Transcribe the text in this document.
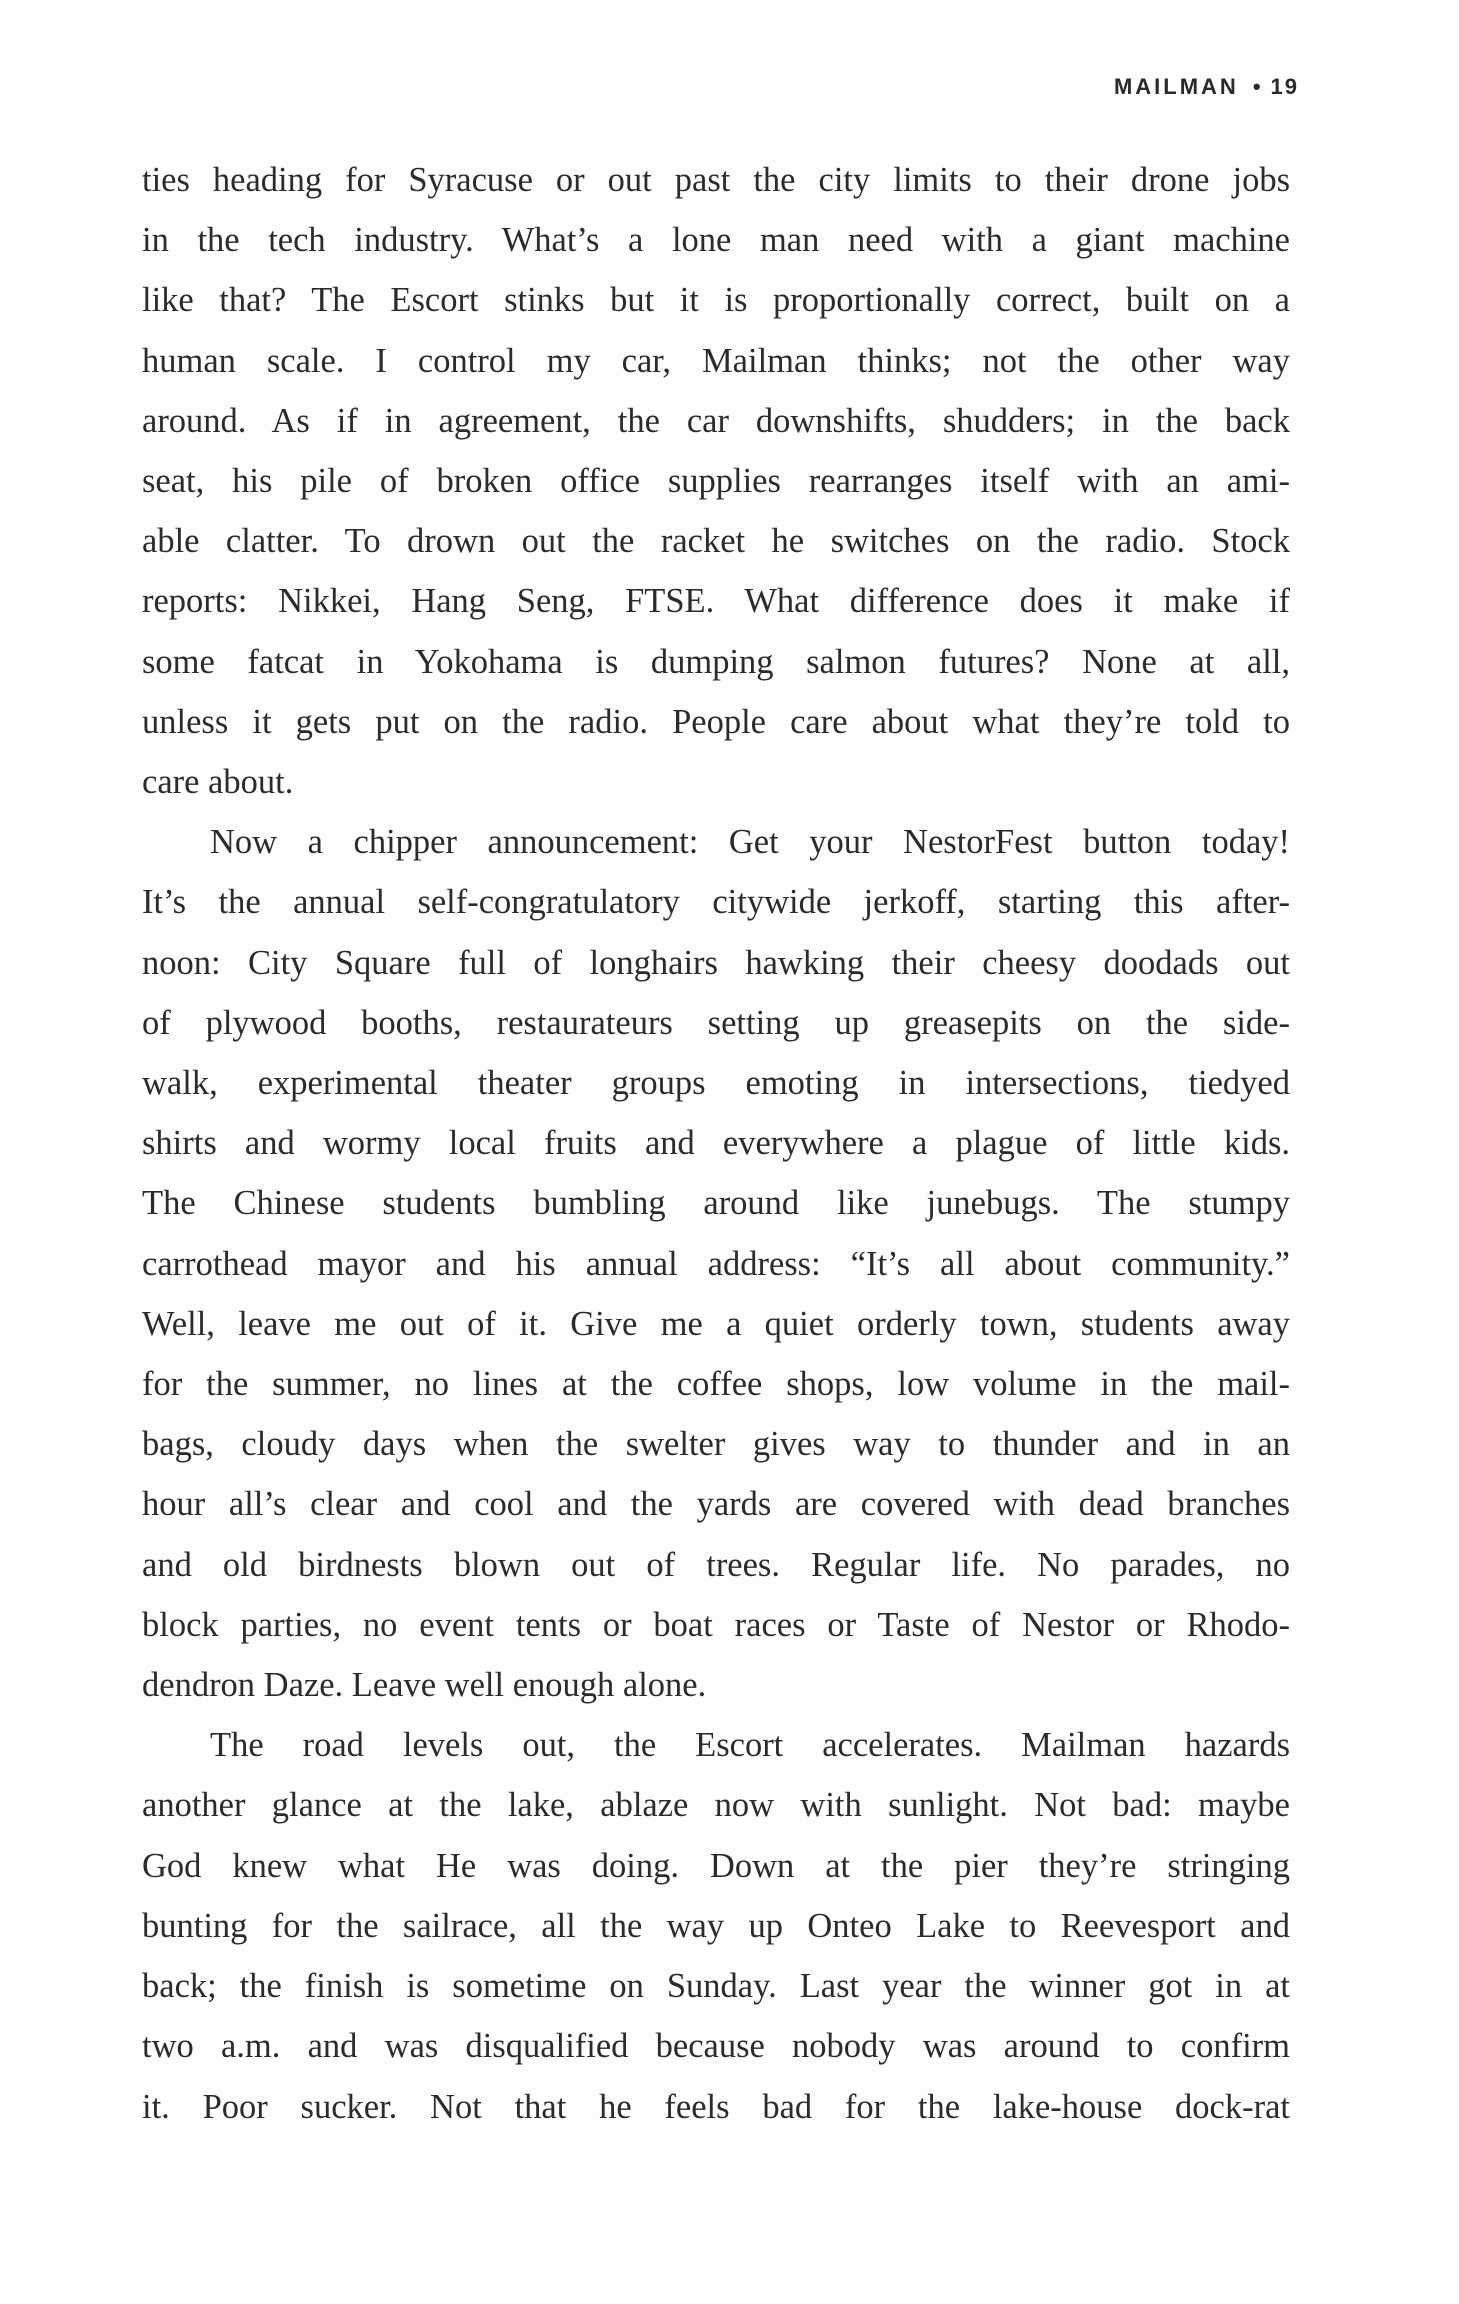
MAILMAN • 19

ties heading for Syracuse or out past the city limits to their drone jobs
in the tech industry. What’s a lone man need with a giant machine
like that? The Escort stinks but it is proportionally correct, built on a
human scale. I control my car, Mailman thinks; not the other way
around. As if in agreement, the car downshifts, shudders; in the back
seat, his pile of broken office supplies rearranges itself with an ami-
able clatter. To drown out the racket he switches on the radio. Stock
reports: Nikkei, Hang Seng, FTSE. What difference does it make if
some fatcat in Yokohama is dumping salmon futures? None at all,
unless it gets put on the radio. People care about what they’re told to
care about.

Now a chipper announcement: Get your NestorFest button today!
It’s the annual self-congratulatory citywide jerkoff, starting this after-
noon: City Square full of longhairs hawking their cheesy doodads out
of plywood booths, restaurateurs setting up greasepits on the side-
walk, experimental theater groups emoting in intersections, tiedyed
shirts and wormy local fruits and everywhere a plague of little kids.
The Chinese students bumbling around like junebugs. The stumpy
carrothead mayor and his annual address: “It’s all about community.”
Well, leave me out of it. Give me a quiet orderly town, students away
for the summer, no lines at the coffee shops, low volume in the mail-
bags, cloudy days when the swelter gives way to thunder and in an
hour all’s clear and cool and the yards are covered with dead branches
and old birdnests blown out of trees. Regular life. No parades, no
block parties, no event tents or boat races or Taste of Nestor or Rhodo-
dendron Daze. Leave well enough alone.

The road levels out, the Escort accelerates. Mailman hazards
another glance at the lake, ablaze now with sunlight. Not bad: maybe
God knew what He was doing. Down at the pier they’re stringing
bunting for the sailrace, all the way up Onteo Lake to Reevesport and
back; the finish is sometime on Sunday. Last year the winner got in at
two a.m. and was disqualified because nobody was around to confirm
it. Poor sucker. Not that he feels bad for the lake-house dock-rat
